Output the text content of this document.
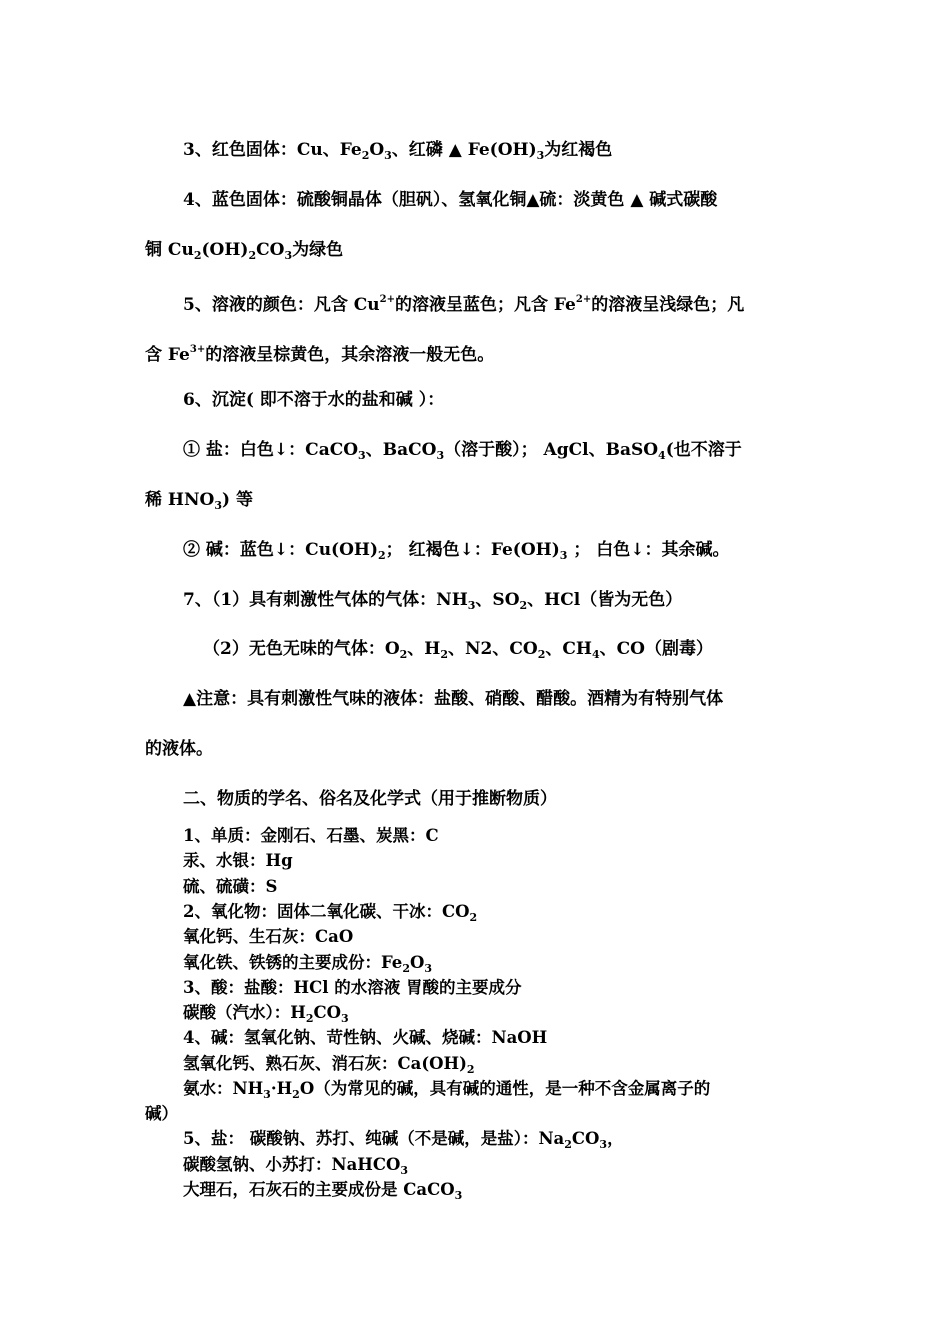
3、红色固体：Cu、$Fe_2O_3$、红磷 ▲ $Fe(OH)_3$为红褐色
4、蓝色固体：硫酸铜晶体（胆矾）、氢氧化铜▲硫：淡黄色 ▲ 碱式碳酸
铜 $Cu_2(OH)_2CO_3$为绿色
5、溶液的颜色：凡含 $Cu^{2+}$的溶液呈蓝色；凡含 $Fe^{2+}$的溶液呈浅绿色；凡
含 $Fe^{3+}$的溶液呈棕黄色，其余溶液一般无色。
6、沉淀( 即不溶于水的盐和碱 ）：
① 盐：白色↓：CaCO$_3$、BaCO$_3$（溶于酸）； AgCl、BaSO$_4$(也不溶于
稀 $HNO_3$) 等
② 碱：蓝色↓：$Cu(OH)_2$； 红褐色↓：$Fe(OH)_3$ ； 白色↓：其余碱。
7、（1）具有刺激性气体的气体：$NH_3$、$SO_2$、HCl（皆为无色）
（2）无色无味的气体：$O_2$、$H_2$、N2、$CO_2$、$CH_4$、CO（剧毒）
▲注意：具有刺激性气味的液体：盐酸、硝酸、醋酸。酒精为有特别气体
的液体。
二、物质的学名、俗名及化学式（用于推断物质）
1、单质：金刚石、石墨、炭黑：C
汞、水银：Hg
硫、硫磺：S
2、氧化物：固体二氧化碳、干冰：$CO_2$
氧化钙、生石灰：CaO
氧化铁、铁锈的主要成份：$Fe_2O_3$
3、酸：盐酸：HCl 的水溶液 胃酸的主要成分
碳酸（汽水）：$H_2CO_3$
4、碱：氢氧化钠、苛性钠、火碱、烧碱：NaOH
氢氧化钙、熟石灰、消石灰：$Ca(OH)_2$
氨水：$NH_3\cdot H_2O$（为常见的碱，具有碱的通性，是一种不含金属离子的
碱）
5、盐： 碳酸钠、苏打、纯碱（不是碱，是盐）：$Na_2CO_3$，
碳酸氢钠、小苏打：NaHCO$_3$
大理石，石灰石的主要成份是 CaCO$_3$
